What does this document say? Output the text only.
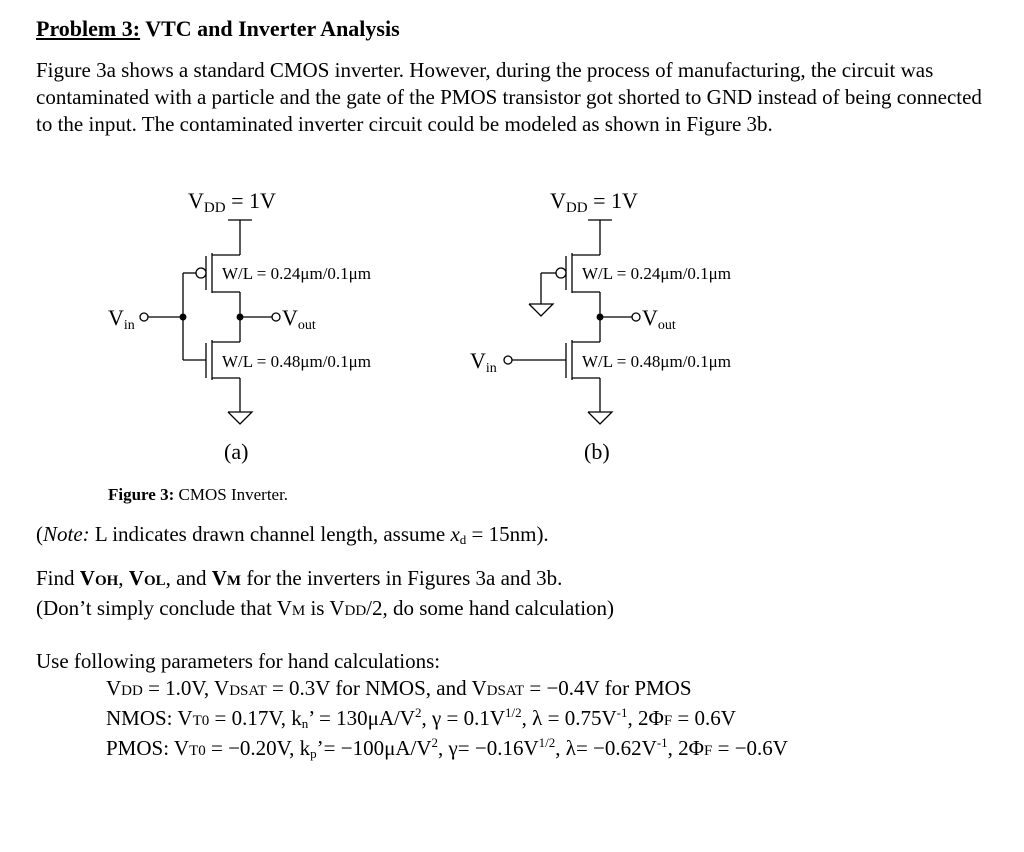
Problem 3: VTC and Inverter Analysis
Figure 3a shows a standard CMOS inverter. However, during the process of manufacturing, the circuit was contaminated with a particle and the gate of the PMOS transistor got shorted to GND instead of being connected to the input. The contaminated inverter circuit could be modeled as shown in Figure 3b.
VDD = 1V
W/L = 0.24μm/0.1μm
W/L = 0.48μm/0.1μm
Vin	Vout
(a)
VDD = 1V
W/L = 0.24μm/0.1μm
W/L = 0.48μm/0.1μm
Vin
Vout
(b)
Figure 3: CMOS Inverter.
(Note: L indicates drawn channel length, assume $x_d = 15nm$).
Find VOH, VOL, and VM for the inverters in Figures 3a and 3b.
(Don’t simply conclude that VM is VDD/2, do some hand calculation)
Use following parameters for hand calculations:
VDD = 1.0V, VDSAT = 0.3V for NMOS, and VDSAT = −0.4V for PMOS
NMOS: VT0 = 0.17V, $k_n$’ = $130\mu A/V^2$, $\gamma = 0.1V^{1/2}$, $\lambda = 0.75V^{-1}$, 2ΦF = 0.6V
PMOS: VT0 = −0.20V, $k_p’= -100\mu A/V^2$, $\gamma= -0.16V^{1/2}$, $\lambda= -0.62V^{-1}$, 2ΦF = −0.6V
